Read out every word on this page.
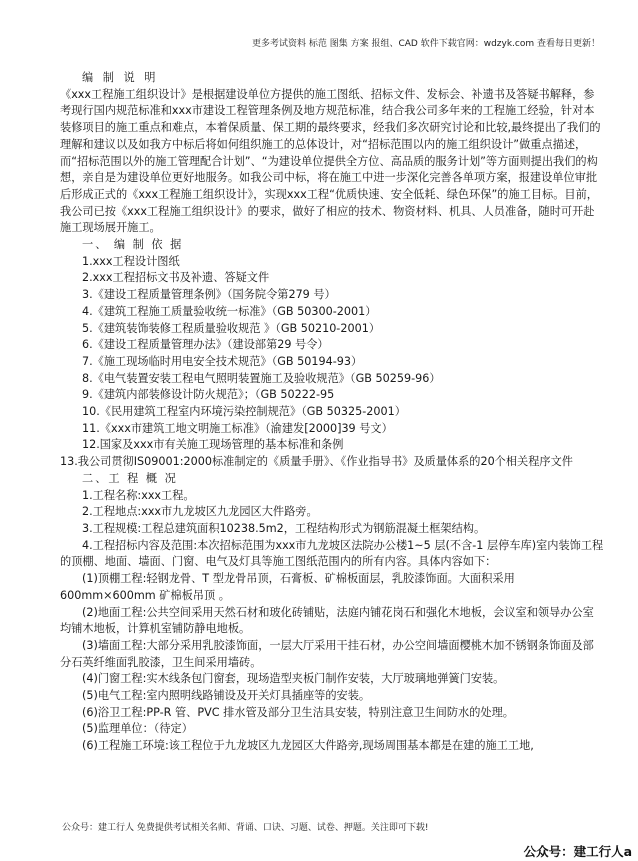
更多考试资料 标范 图集 方案 报组、CAD 软件下载官网：wdzyk.com 查看每日更新！

编 制 说 明

《xxx工程施工组织设计》是根据建设单位方提供的施工图纸、招标文件、发标会、补遗书及答疑书解释，参考现行国内规范标准和xxx市建设工程管理条例及地方规范标准，结合我公司多年来的工程施工经验，针对本装修项目的施工重点和难点，本着保质量、保工期的最终要求，经我们多次研究讨论和比较,最终提出了我们的理解和建议以及如我方中标后将如何组织施工的总体设计，对“招标范围以内的施工组织设计”做重点描述，而“招标范围以外的施工管理配合计划”、“为建设单位提供全方位、高品质的服务计划”等方面则提出我们的构想，亲自是为建设单位更好地服务。如我公司中标，将在施工中进一步深化完善各单项方案，报建设单位审批后形成正式的《xxx工程施工组织设计》，实现xxx工程“优质快速、安全低耗、绿色环保”的施工目标。目前，我公司已按《xxx工程施工组织设计》的要求，做好了相应的技术、物资材料、机具、人员准备，随时可开赴施工现场展开施工。

一、 编 制 依 据

1.xxx工程设计图纸

2.xxx工程招标文书及补遗、答疑文件

3.《建设工程质量管理条例》（国务院令第279 号）

4.《建筑工程施工质量验收统一标准》（GB 50300-2001）

5.《建筑装饰装修工程质量验收规范 》（GB 50210-2001）

6.《建设工程质量管理办法》（建设部第29 号令）

7.《施工现场临时用电安全技术规范》（GB 50194-93）

8.《电气装置安装工程电气照明装置施工及验收规范》（GB 50259-96）

9.《建筑内部装修设计防火规范》；（GB 50222-95

10.《民用建筑工程室内环境污染控制规范》（GB 50325-2001）

11.《xxx市建筑工地文明施工标准》（渝建发[2000]39 号文）

12.国家及xxx市有关施工现场管理的基本标准和条例

13.我公司贯彻IS09001:2000标准制定的《质量手册》、《作业指导书》及质量体系的20个相关程序文件

二、工 程 概 况

1.工程名称:xxx工程。

2.工程地点:xxx市九龙坡区九龙园区大件路旁。

3.工程规模:工程总建筑面积10238.5m2，工程结构形式为钢筋混凝土框架结构。

4.工程招标内容及范围:本次招标范围为xxx市九龙坡区法院办公楼1~5 层(不含-1 层停车库)室内装饰工程的顶棚、地面、墙面、门窗、电气及灯具等施工图纸范围内的所有内容。具体内容如下：

(1)顶棚工程:轻钢龙骨、T 型龙骨吊顶，石膏板、矿棉板面层，乳胶漆饰面。大面积采用600mm×600mm 矿棉板吊顶 。

(2)地面工程:公共空间采用天然石材和玻化砖铺贴，法庭内铺花岗石和强化木地板，会议室和领导办公室均铺木地板，计算机室铺防静电地板。

(3)墙面工程:大部分采用乳胶漆饰面，一层大厅采用干挂石材，办公空间墙面樱桃木加不锈钢条饰面及部分石英纤维面乳胶漆，卫生间采用墙砖。

(4)门窗工程:实木线条包门窗套，现场造型夹板门制作安装，大厅玻璃地弹簧门安装。

(5)电气工程:室内照明线路铺设及开关灯具插座等的安装。

(6)浴卫工程:PP-R 管、PVC 排水管及部分卫生洁具安装，特别注意卫生间防水的处理。

(5)监理单位：（待定）

(6)工程施工环境:该工程位于九龙坡区九龙园区大件路旁,现场周围基本都是在建的施工工地,

公众号：建工行人 免费提供考试相关名师、背诵、口诀、习题、试卷、押题。关注即可下载!
公众号：建工行人a
